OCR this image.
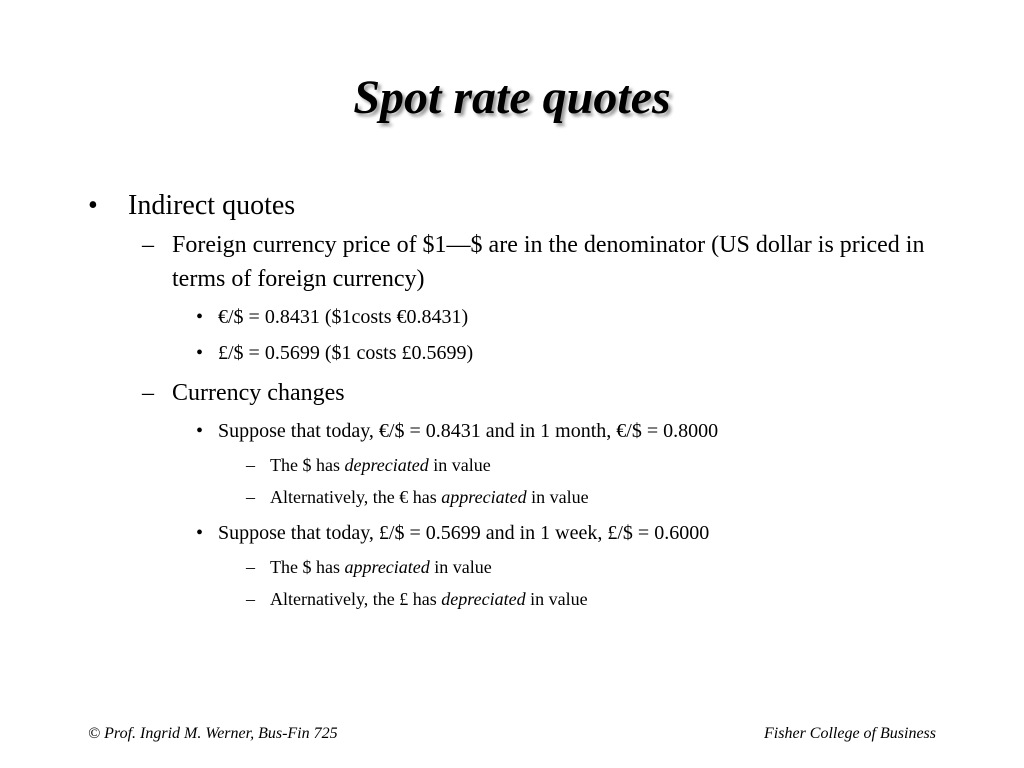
Spot rate quotes
• Indirect quotes
– Foreign currency price of $1—$ are in the denominator (US dollar is priced in terms of foreign currency)
• €/$ = 0.8431 ($1costs €0.8431)
• £/$ = 0.5699 ($1 costs £0.5699)
– Currency changes
• Suppose that today, €/$ = 0.8431 and in 1 month, €/$ = 0.8000
– The $ has depreciated in value
– Alternatively, the € has appreciated in value
• Suppose that today, £/$ = 0.5699 and in 1 week, £/$ = 0.6000
– The $ has appreciated in value
– Alternatively, the £ has depreciated in value
© Prof. Ingrid M. Werner, Bus-Fin 725	Fisher College of Business
